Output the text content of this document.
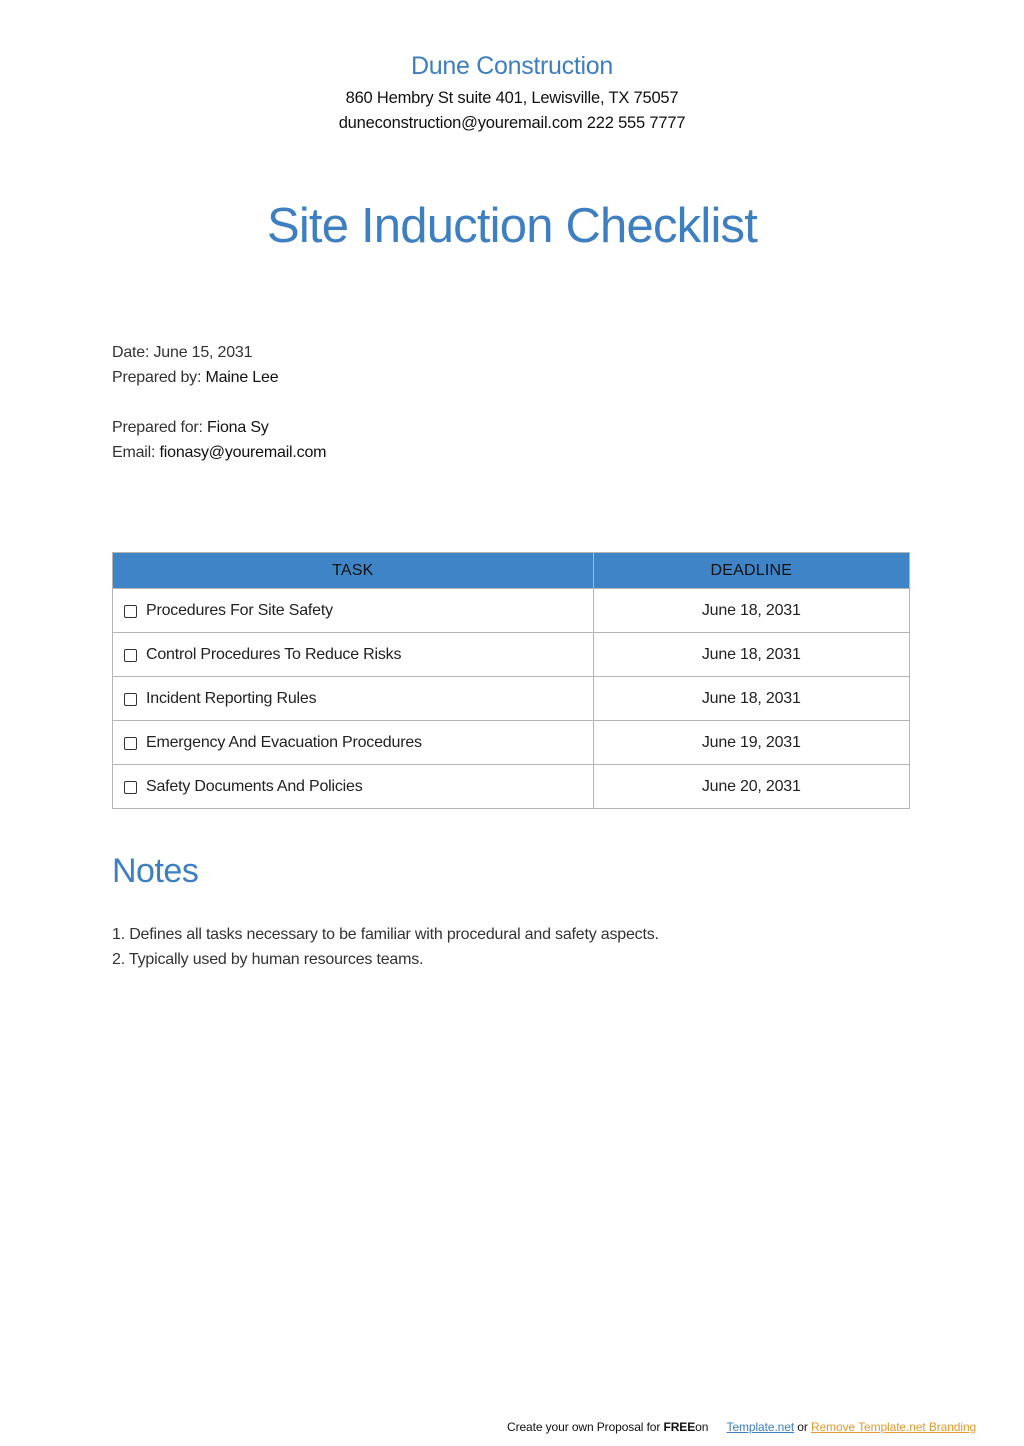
Dune Construction
860 Hembry St suite 401, Lewisville, TX 75057
duneconstruction@youremail.com 222 555 7777
Site Induction Checklist
Date: June 15, 2031
Prepared by: Maine Lee
Prepared for: Fiona Sy
Email: fionasy@youremail.com
TASK	DEADLINE
Procedures For Site Safety	June 18, 2031
Control Procedures To Reduce Risks	June 18, 2031
Incident Reporting Rules	June 18, 2031
Emergency And Evacuation Procedures	June 19, 2031
Safety Documents And Policies	June 20, 2031
Notes
1. Defines all tasks necessary to be familiar with procedural and safety aspects.
2. Typically used by human resources teams.
Create your own Proposal for FREEon Template.net or Remove Template.net Branding
